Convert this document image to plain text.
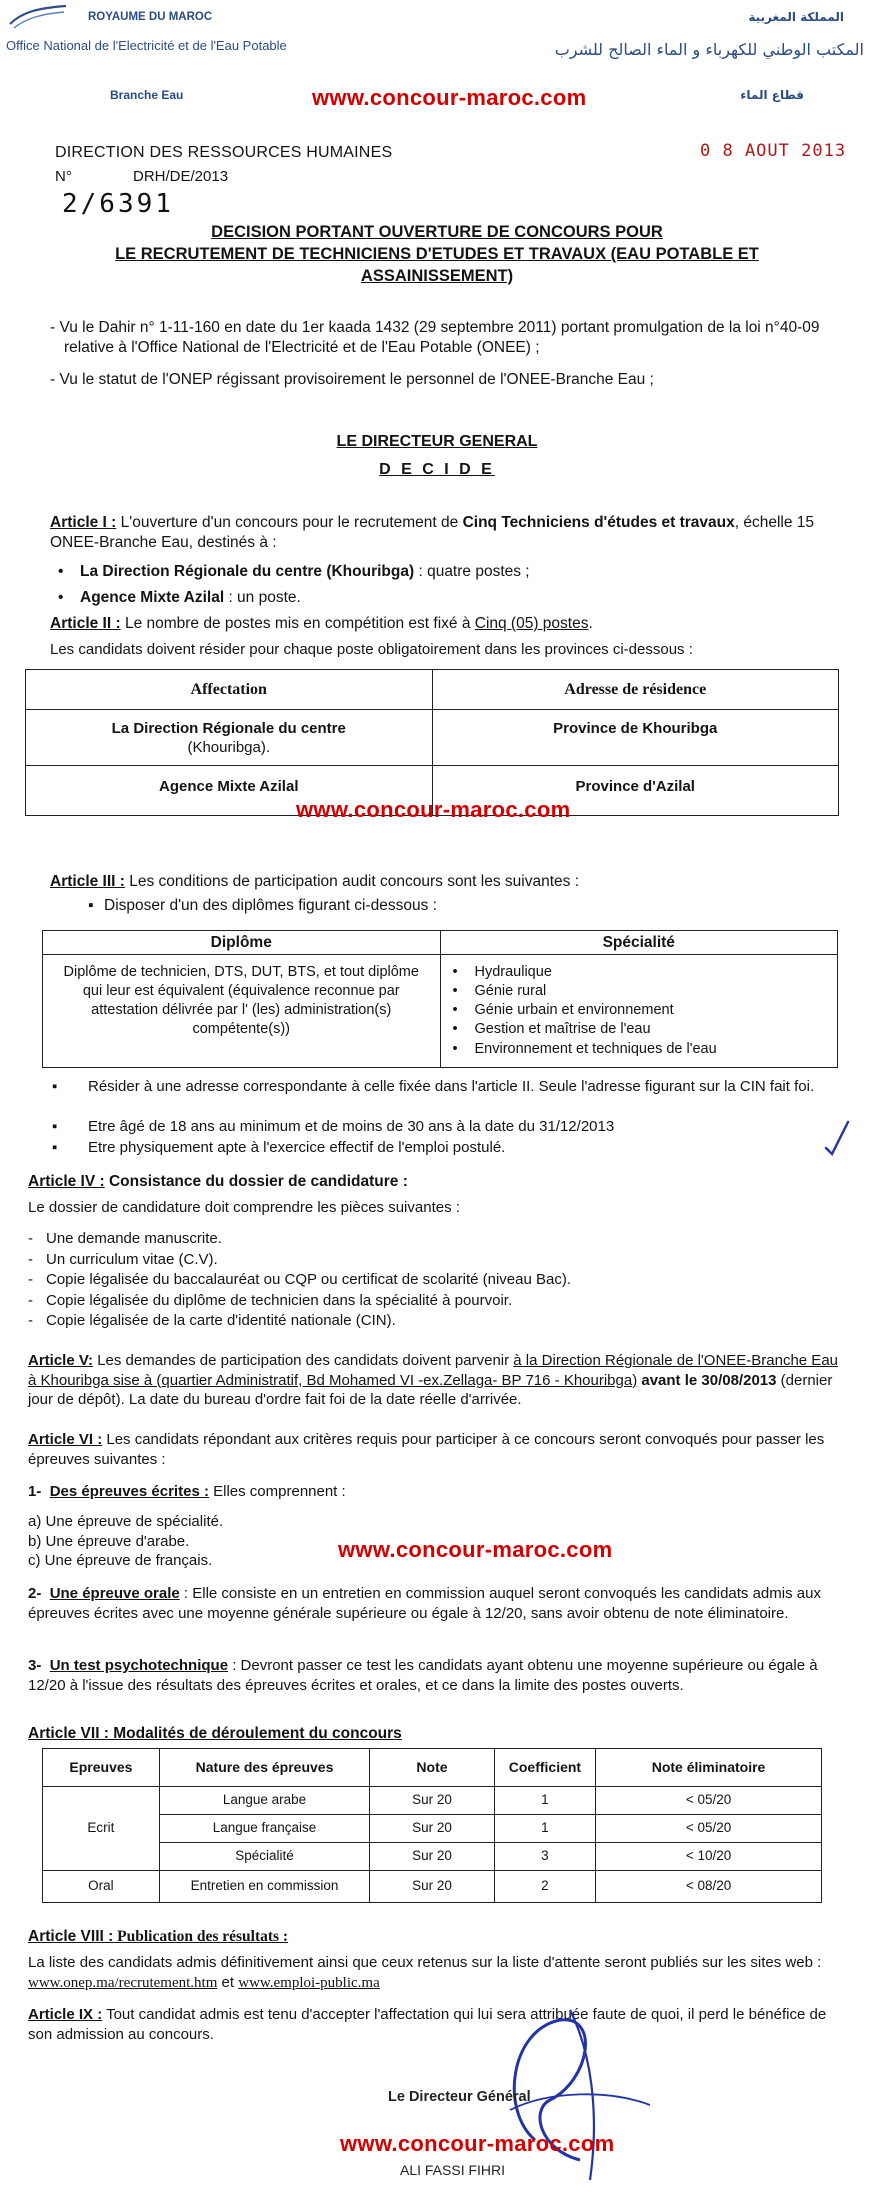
ROYAUME DU MAROC
Office National de l'Electricité et de l'Eau Potable
المملكة المغربية
المكتب الوطني للكهرباء و الماء الصالح للشرب
Branche Eau	قطاع الماء
www.concour-maroc.com
DIRECTION DES RESSOURCES HUMAINES	0 8 AOUT 2013
N°	DRH/DE/2013
2/6391
DECISION PORTANT OUVERTURE DE CONCOURS POUR
LE RECRUTEMENT DE TECHNICIENS D'ETUDES ET TRAVAUX (EAU POTABLE ET
ASSAINISSEMENT)
- Vu le Dahir n° 1-11-160 en date du 1er kaada 1432 (29 septembre 2011) portant promulgation de la loi n°40-09 relative à l'Office National de l'Electricité et de l'Eau Potable (ONEE) ;
- Vu le statut de l'ONEP régissant provisoirement le personnel de l'ONEE-Branche Eau ;
LE DIRECTEUR GENERAL
D E C I D E
Article I : L'ouverture d'un concours pour le recrutement de Cinq Techniciens d'études et travaux, échelle 15 ONEE-Branche Eau, destinés à :
• La Direction Régionale du centre (Khouribga) : quatre postes ;
• Agence Mixte Azilal : un poste.
Article II : Le nombre de postes mis en compétition est fixé à Cinq (05) postes.
Les candidats doivent résider pour chaque poste obligatoirement dans les provinces ci-dessous :
Affectation	Adresse de résidence

La Direction Régionale du centre
(Khouribga).	Province de Khouribga
Agence Mixte Azilal	Province d'Azilal
www.concour-maroc.com
Article III : Les conditions de participation audit concours sont les suivantes :
▪ Disposer d'un des diplômes figurant ci-dessous :
Diplôme	Spécialité
Diplôme de technicien, DTS, DUT, BTS, et tout diplôme qui leur est équivalent (équivalence reconnue par attestation délivrée par l' (les) administration(s) compétente(s))	• Hydraulique
• Génie rural
• Génie urbain et environnement
• Gestion et maîtrise de l'eau
• Environnement et techniques de l'eau
▪ Résider à une adresse correspondante à celle fixée dans l'article II. Seule l'adresse figurant sur la CIN fait foi.
▪ Etre âgé de 18 ans au minimum et de moins de 30 ans à la date du 31/12/2013
▪ Etre physiquement apte à l'exercice effectif de l'emploi postulé.
Article IV : Consistance du dossier de candidature :
Le dossier de candidature doit comprendre les pièces suivantes :
- Une demande manuscrite.
- Un curriculum vitae (C.V).
- Copie légalisée du baccalauréat ou CQP ou certificat de scolarité (niveau Bac).
- Copie légalisée du diplôme de technicien dans la spécialité à pourvoir.
- Copie légalisée de la carte d'identité nationale (CIN).
Article V: Les demandes de participation des candidats doivent parvenir à la Direction Régionale de l'ONEE-Branche Eau à Khouribga sise à (quartier Administratif, Bd Mohamed VI -ex.Zellaga- BP 716 - Khouribga) avant le 30/08/2013 (dernier jour de dépôt). La date du bureau d'ordre fait foi de la date réelle d'arrivée.
Article VI : Les candidats répondant aux critères requis pour participer à ce concours seront convoqués pour passer les épreuves suivantes :
1- Des épreuves écrites : Elles comprennent :
a) Une épreuve de spécialité.
b) Une épreuve d'arabe.
c) Une épreuve de français.	www.concour-maroc.com
2- Une épreuve orale : Elle consiste en un entretien en commission auquel seront convoqués les candidats admis aux épreuves écrites avec une moyenne générale supérieure ou égale à 12/20, sans avoir obtenu de note éliminatoire.
3- Un test psychotechnique : Devront passer ce test les candidats ayant obtenu une moyenne supérieure ou égale à 12/20 à l'issue des résultats des épreuves écrites et orales, et ce dans la limite des postes ouverts.
Article VII : Modalités de déroulement du concours
Epreuves	Nature des épreuves	Note	Coefficient	Note éliminatoire
Ecrit	Langue arabe	Sur 20	1	< 05/20
	Langue française	Sur 20	1	< 05/20
	Spécialité	Sur 20	3	< 10/20
Oral	Entretien en commission	Sur 20	2	< 08/20
Article VIII : Publication des résultats :
La liste des candidats admis définitivement ainsi que ceux retenus sur la liste d'attente seront publiés sur les sites web : www.onep.ma/recrutement.htm et www.emploi-public.ma
Article IX : Tout candidat admis est tenu d'accepter l'affectation qui lui sera attribuée faute de quoi, il perd le bénéfice de son admission au concours.
Le Directeur Général
www.concour-maroc.com
ALI FASSI FIHRI
